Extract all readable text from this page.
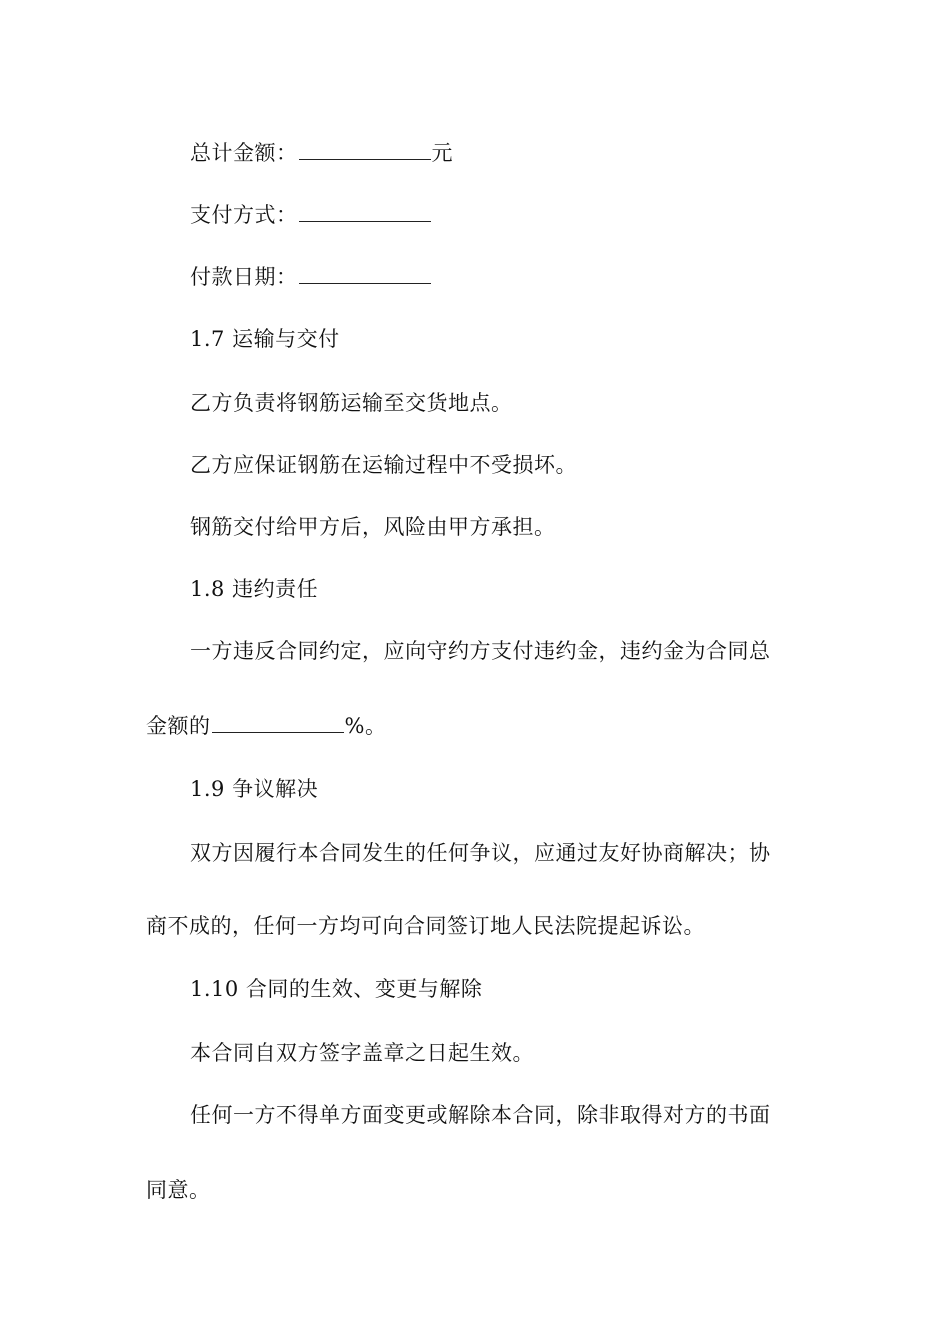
总计金额：	元
支付方式：
付款日期：
1.7 运输与交付
乙方负责将钢筋运输至交货地点。
乙方应保证钢筋在运输过程中不受损坏。
钢筋交付给甲方后，风险由甲方承担。
1.8 违约责任
一方违反合同约定，应向守约方支付违约金，违约金为合同总
金额的	%。
1.9 争议解决
双方因履行本合同发生的任何争议，应通过友好协商解决；协
商不成的，任何一方均可向合同签订地人民法院提起诉讼。
1.10 合同的生效、变更与解除
本合同自双方签字盖章之日起生效。
任何一方不得单方面变更或解除本合同，除非取得对方的书面
同意。
